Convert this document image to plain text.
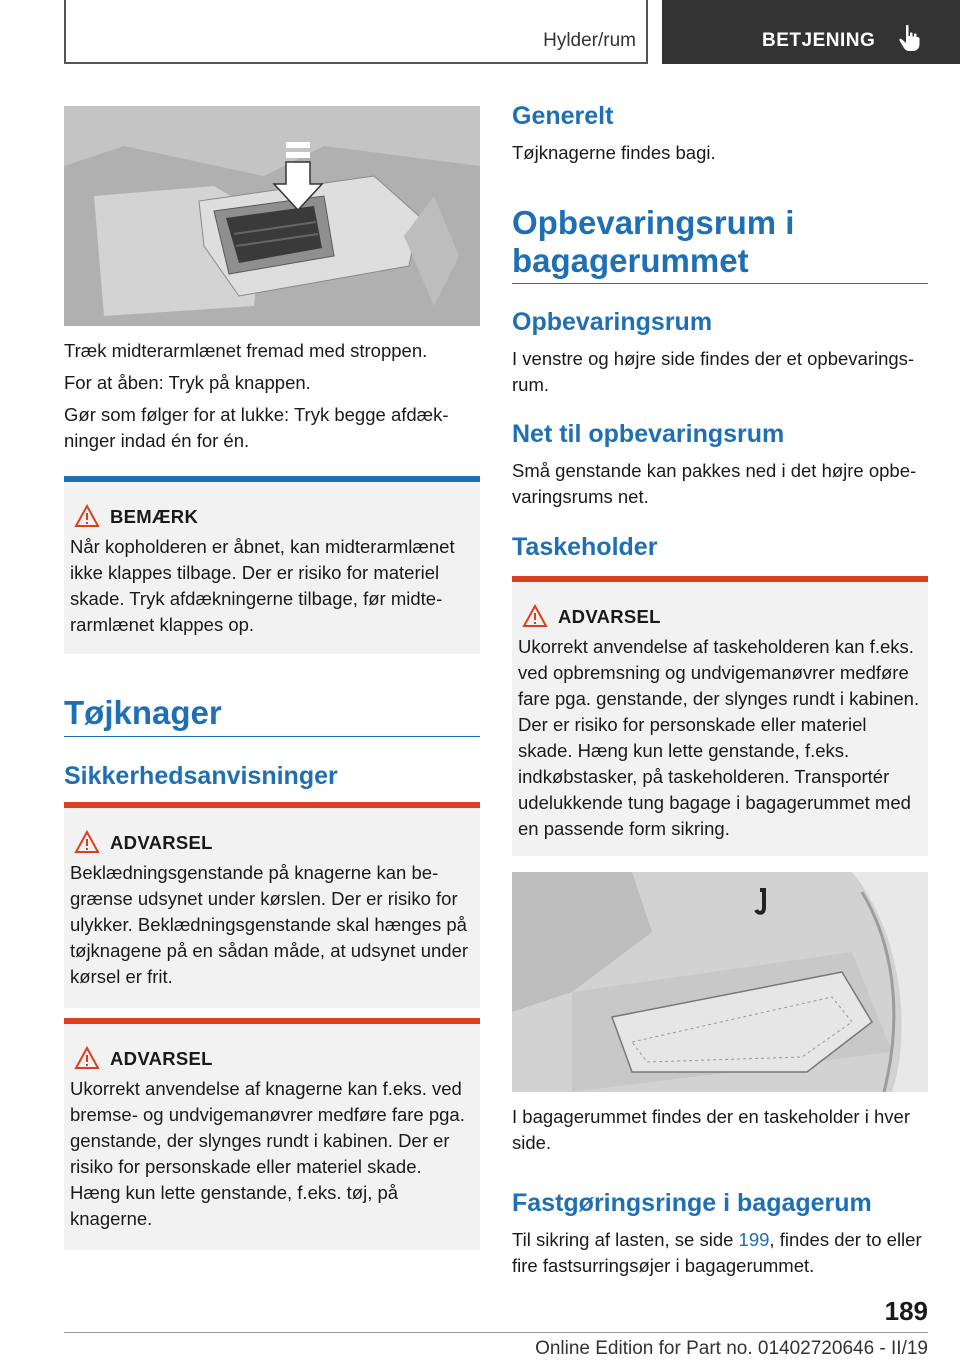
Hylder/rum	BETJENING

Træk midterarmlænet fremad med stroppen.

For at åben: Tryk på knappen.

Gør som følger for at lukke: Tryk begge afdækninger indad én for én.

BEMÆRK

Når kopholderen er åbnet, kan midterarmlænet ikke klappes tilbage. Der er risiko for materiel skade. Tryk afdækningerne tilbage, før midterarmlænet klappes op.

Tøjknager
Sikkerhedsanvisninger
ADVARSEL

Beklædningsgenstande på knagerne kan begrænse udsynet under kørslen. Der er risiko for ulykker. Beklædningsgenstande skal hænges på tøjknagene på en sådan måde, at udsynet under kørsel er frit.

ADVARSEL

Ukorrekt anvendelse af knagerne kan f.eks. ved bremse- og undvigemanøvrer medføre fare pga. genstande, der slynges rundt i kabinen. Der er risiko for personskade eller materiel skade. Hæng kun lette genstande, f.eks. tøj, på knagerne.

Generelt

Tøjknagerne findes bagi.

Opbevaringsrum i bagagerummet
Opbevaringsrum

I venstre og højre side findes der et opbevaringsrum.

Net til opbevaringsrum

Små genstande kan pakkes ned i det højre opbevaringsrums net.

Taskeholder
ADVARSEL

Ukorrekt anvendelse af taskeholderen kan f.eks. ved opbremsning og undvigemanøvrer medføre fare pga. genstande, der slynges rundt i kabinen. Der er risiko for personskade eller materiel skade. Hæng kun lette genstande, f.eks. indkøbstasker, på taskeholderen. Transportér udelukkende tung bagage i bagagerummet med en passende form sikring.

I bagagerummet findes der en taskeholder i hver side.

Fastgøringsringe i bagagerum

Til sikring af lasten, se side 199, findes der to eller fire fastsurringsøjer i bagagerummet.

189
Online Edition for Part no. 01402720646 - II/19
